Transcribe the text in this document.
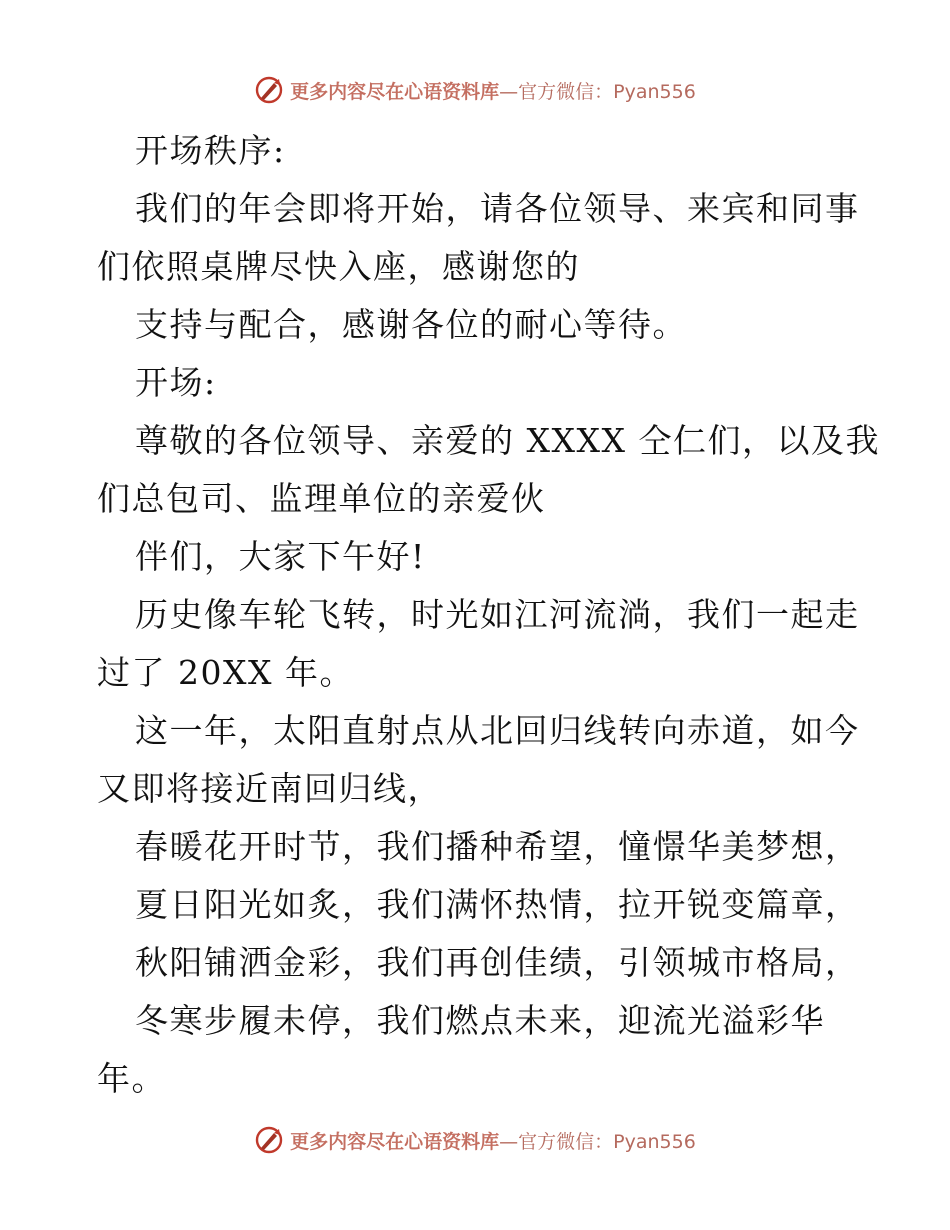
更多内容尽在心语资料库—官方微信：Pyan556
开场秩序:
我们的年会即将开始，请各位领导、来宾和同事
们依照桌牌尽快入座，感谢您的
支持与配合，感谢各位的耐心等待。
开场:
尊敬的各位领导、亲爱的 XXXX 仝仁们，以及我
们总包司、监理单位的亲爱伙
伴们，大家下午好!
历史像车轮飞转，时光如江河流淌，我们一起走
过了 20XX 年。
这一年，太阳直射点从北回归线转向赤道，如今
又即将接近南回归线，
春暖花开时节，我们播种希望，憧憬华美梦想，
夏日阳光如炙，我们满怀热情，拉开锐变篇章，
秋阳铺洒金彩，我们再创佳绩，引领城市格局，
冬寒步履未停，我们燃点未来，迎流光溢彩华
年。
更多内容尽在心语资料库—官方微信：Pyan556
